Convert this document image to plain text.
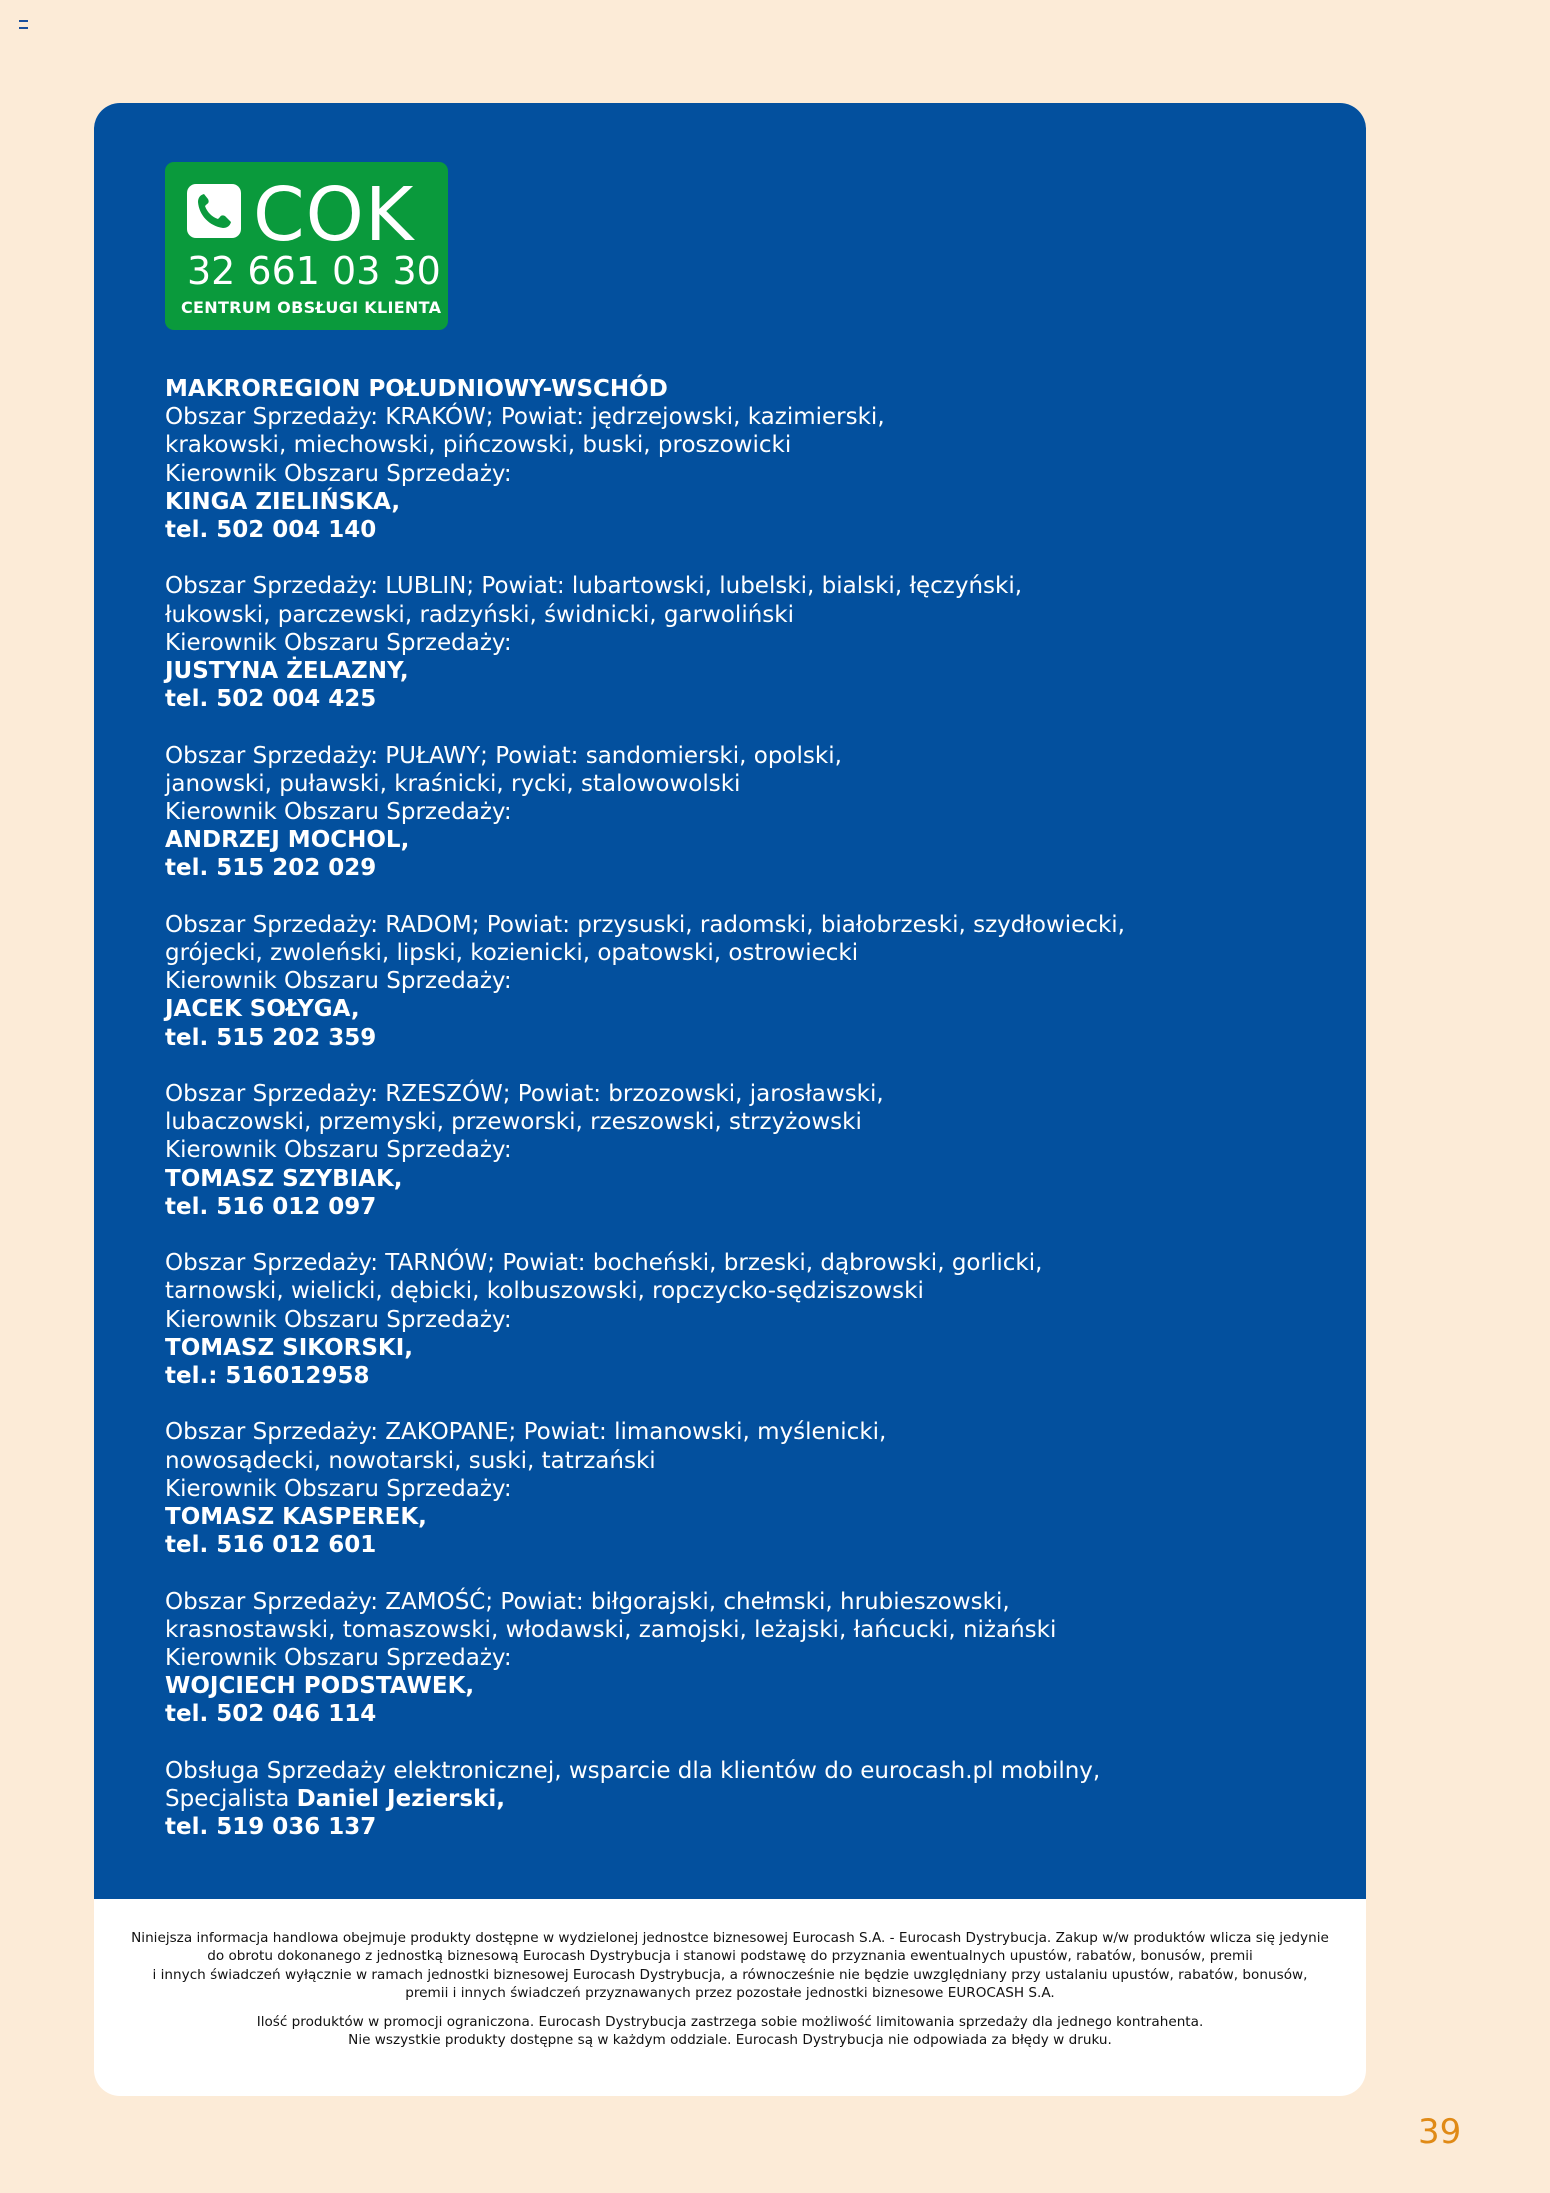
COK
32 661 03 30
CENTRUM OBSŁUGI KLIENTA
MAKROREGION POŁUDNIOWY-WSCHÓD
Obszar Sprzedaży: KRAKÓW; Powiat: jędrzejowski, kazimierski,
krakowski, miechowski, pińczowski, buski, proszowicki
Kierownik Obszaru Sprzedaży:
KINGA ZIELIŃSKA,
tel. 502 004 140
Obszar Sprzedaży: LUBLIN; Powiat: lubartowski, lubelski, bialski, łęczyński,
łukowski, parczewski, radzyński, świdnicki, garwoliński
Kierownik Obszaru Sprzedaży:
JUSTYNA ŻELAZNY,
tel. 502 004 425
Obszar Sprzedaży: PUŁAWY; Powiat: sandomierski, opolski,
janowski, puławski, kraśnicki, rycki, stalowowolski
Kierownik Obszaru Sprzedaży:
ANDRZEJ MOCHOL,
tel. 515 202 029
Obszar Sprzedaży: RADOM; Powiat: przysuski, radomski, białobrzeski, szydłowiecki,
grójecki, zwoleński, lipski, kozienicki, opatowski, ostrowiecki
Kierownik Obszaru Sprzedaży:
JACEK SOŁYGA,
tel. 515 202 359
Obszar Sprzedaży: RZESZÓW; Powiat: brzozowski, jarosławski,
lubaczowski, przemyski, przeworski, rzeszowski, strzyżowski
Kierownik Obszaru Sprzedaży:
TOMASZ SZYBIAK,
tel. 516 012 097
Obszar Sprzedaży: TARNÓW; Powiat: bocheński, brzeski, dąbrowski, gorlicki,
tarnowski, wielicki, dębicki, kolbuszowski, ropczycko-sędziszowski
Kierownik Obszaru Sprzedaży:
TOMASZ SIKORSKI,
tel.: 516012958
Obszar Sprzedaży: ZAKOPANE; Powiat: limanowski, myślenicki,
nowosądecki, nowotarski, suski, tatrzański
Kierownik Obszaru Sprzedaży:
TOMASZ KASPEREK,
tel. 516 012 601
Obszar Sprzedaży: ZAMOŚĆ; Powiat: biłgorajski, chełmski, hrubieszowski,
krasnostawski, tomaszowski, włodawski, zamojski, leżajski, łańcucki, niżański
Kierownik Obszaru Sprzedaży:
WOJCIECH PODSTAWEK,
tel. 502 046 114
Obsługa Sprzedaży elektronicznej, wsparcie dla klientów do eurocash.pl mobilny,
Specjalista Daniel Jezierski,
tel. 519 036 137
Niniejsza informacja handlowa obejmuje produkty dostępne w wydzielonej jednostce biznesowej Eurocash S.A. - Eurocash Dystrybucja. Zakup w/w produktów wlicza się jedynie
do obrotu dokonanego z jednostką biznesową Eurocash Dystrybucja i stanowi podstawę do przyznania ewentualnych upustów, rabatów, bonusów, premii
i innych świadczeń wyłącznie w ramach jednostki biznesowej Eurocash Dystrybucja, a równocześnie nie będzie uwzględniany przy ustalaniu upustów, rabatów, bonusów,
premii i innych świadczeń przyznawanych przez pozostałe jednostki biznesowe EUROCASH S.A.
Ilość produktów w promocji ograniczona. Eurocash Dystrybucja zastrzega sobie możliwość limitowania sprzedaży dla jednego kontrahenta.
Nie wszystkie produkty dostępne są w każdym oddziale. Eurocash Dystrybucja nie odpowiada za błędy w druku.
39
